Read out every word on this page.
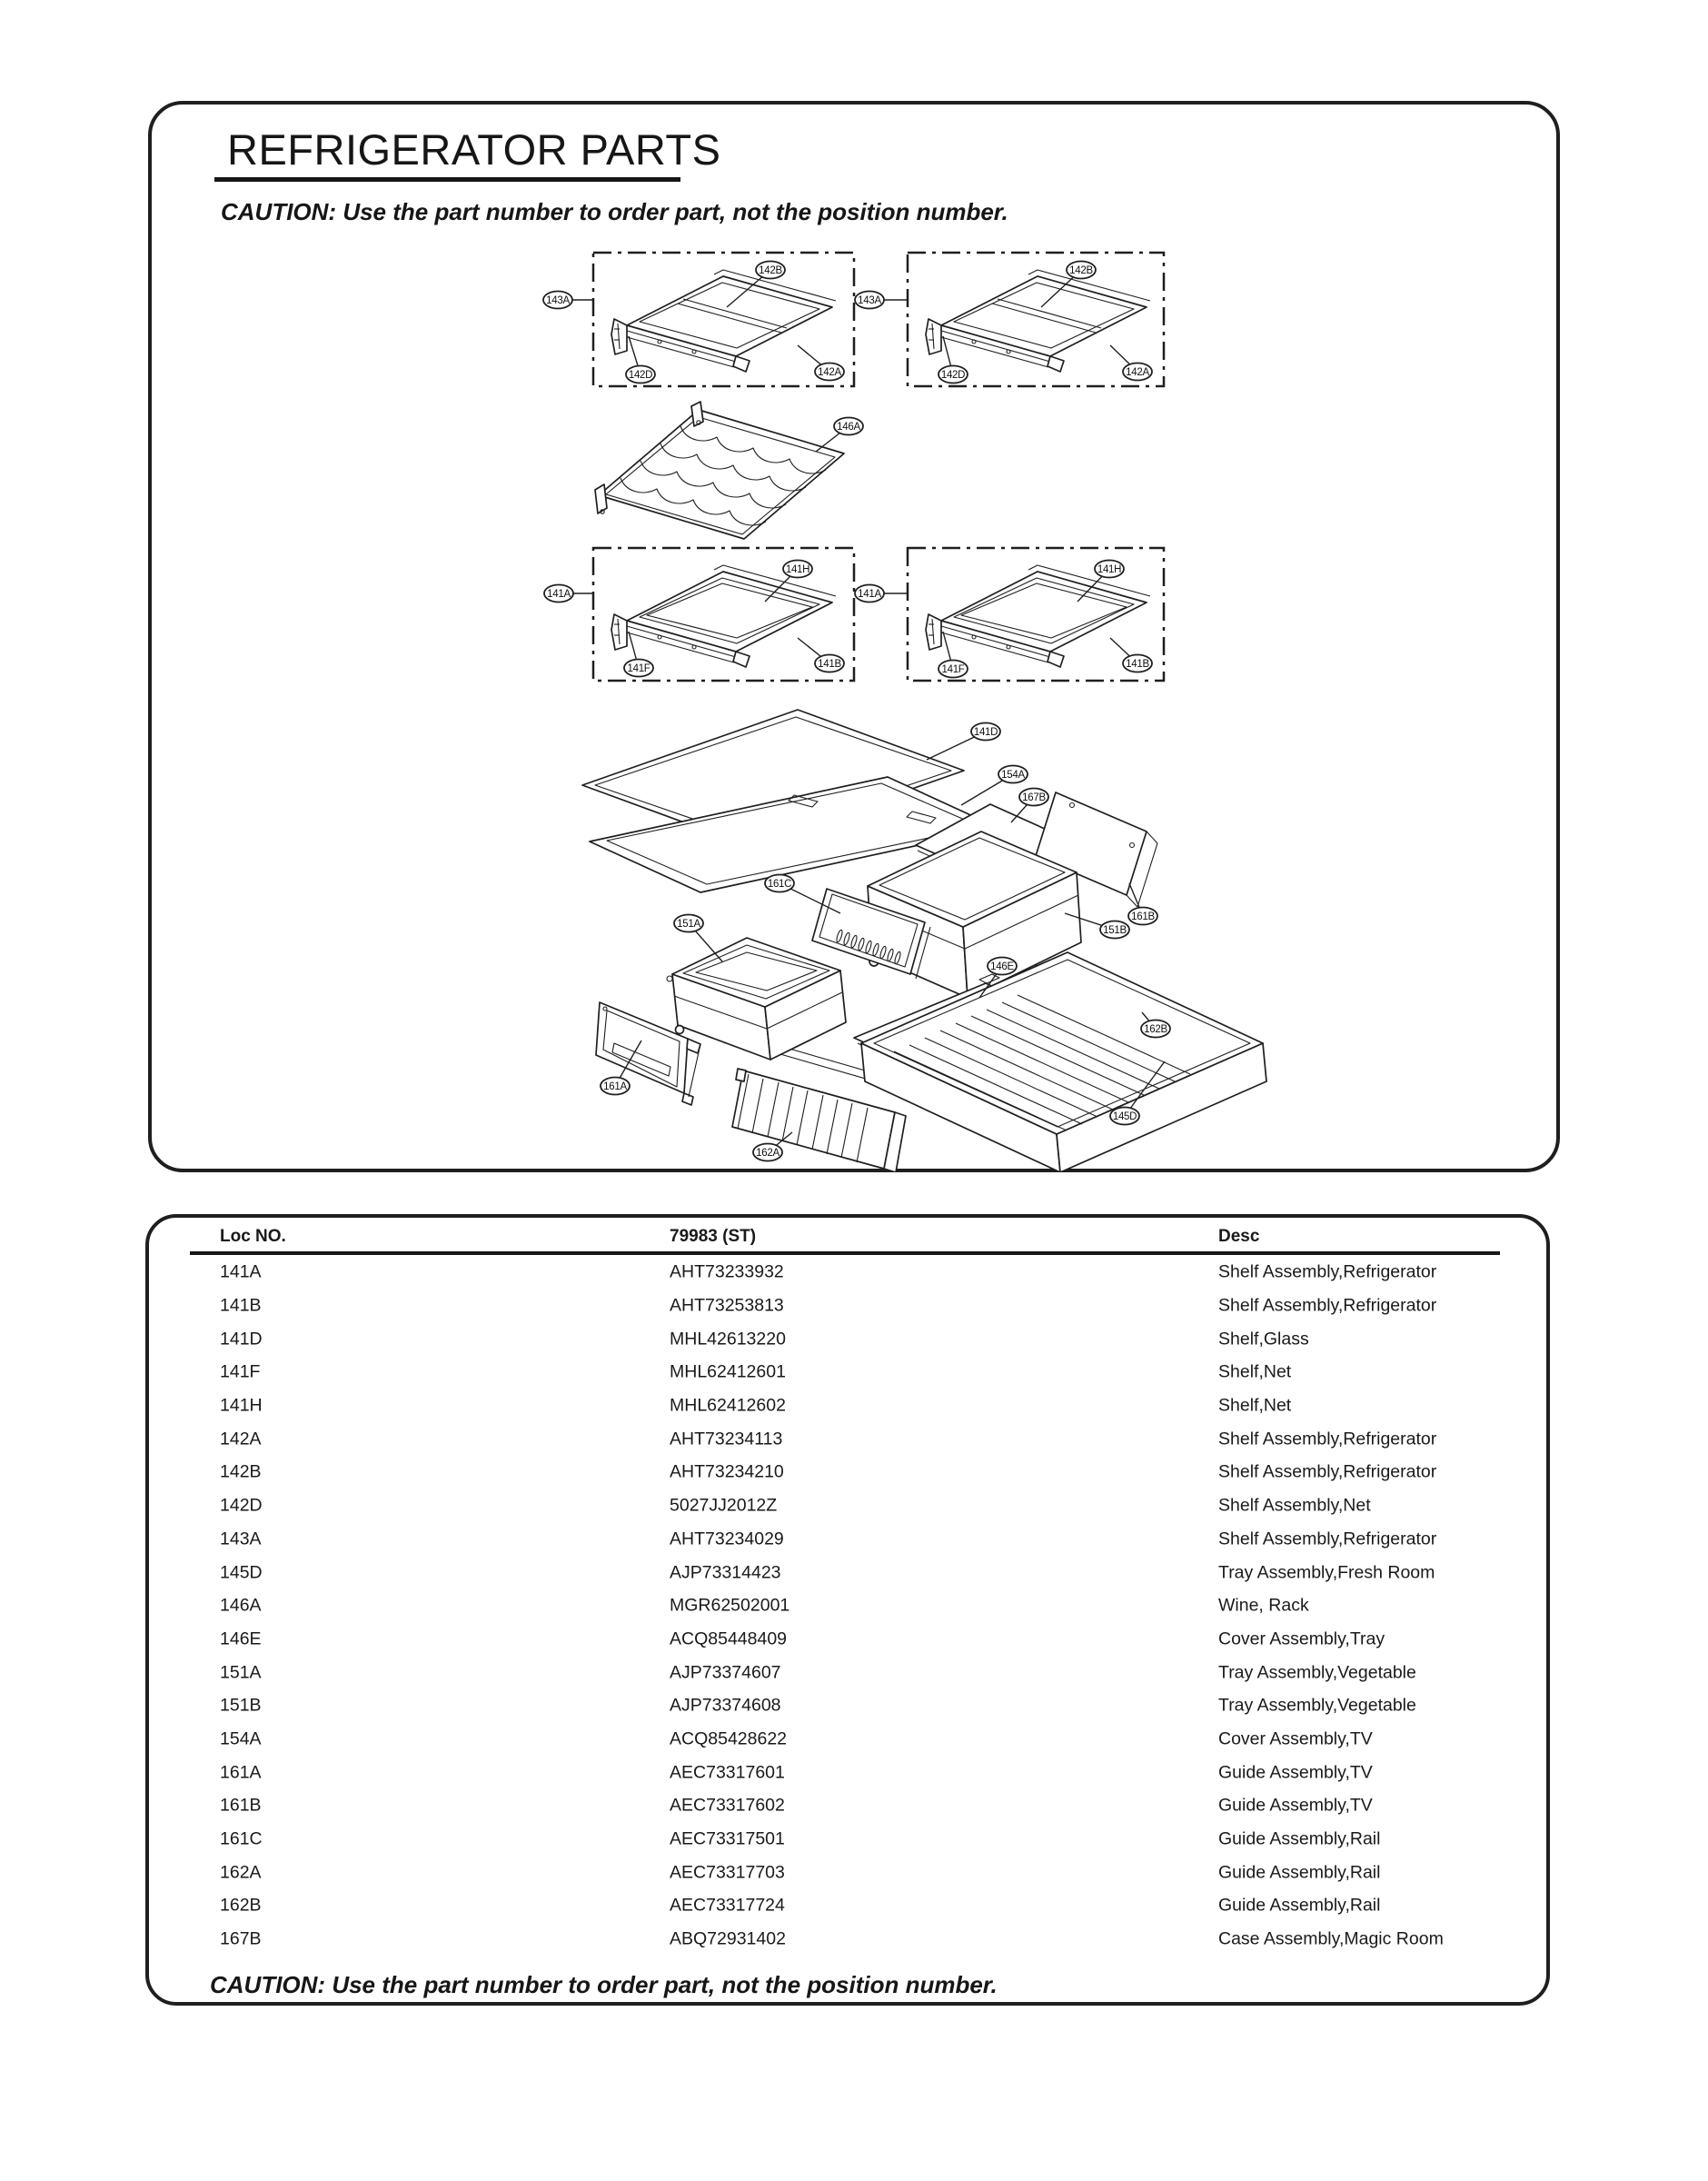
REFRIGERATOR PARTS
CAUTION: Use the part number to order part, not the position number.
143A
142B
142D	142A
143A
142B
142D	142A
146A
141A
141H
141F	141B
141A
141H
141F	141B
141D
154A
167B
161B
151B
161C
151A
146E
161A
162A
145D
162B
Loc NO.	79983 (ST)	Desc
141A	AHT73233932	Shelf Assembly,Refrigerator
141B	AHT73253813	Shelf Assembly,Refrigerator
141D	MHL42613220	Shelf,Glass
141F	MHL62412601	Shelf,Net
141H	MHL62412602	Shelf,Net
142A	AHT73234113	Shelf Assembly,Refrigerator
142B	AHT73234210	Shelf Assembly,Refrigerator
142D	5027JJ2012Z	Shelf Assembly,Net
143A	AHT73234029	Shelf Assembly,Refrigerator
145D	AJP73314423	Tray Assembly,Fresh Room
146A	MGR62502001	Wine, Rack
146E	ACQ85448409	Cover Assembly,Tray
151A	AJP73374607	Tray Assembly,Vegetable
151B	AJP73374608	Tray Assembly,Vegetable
154A	ACQ85428622	Cover Assembly,TV
161A	AEC73317601	Guide Assembly,TV
161B	AEC73317602	Guide Assembly,TV
161C	AEC73317501	Guide Assembly,Rail
162A	AEC73317703	Guide Assembly,Rail
162B	AEC73317724	Guide Assembly,Rail
167B	ABQ72931402	Case Assembly,Magic Room
CAUTION: Use the part number to order part, not the position number.
